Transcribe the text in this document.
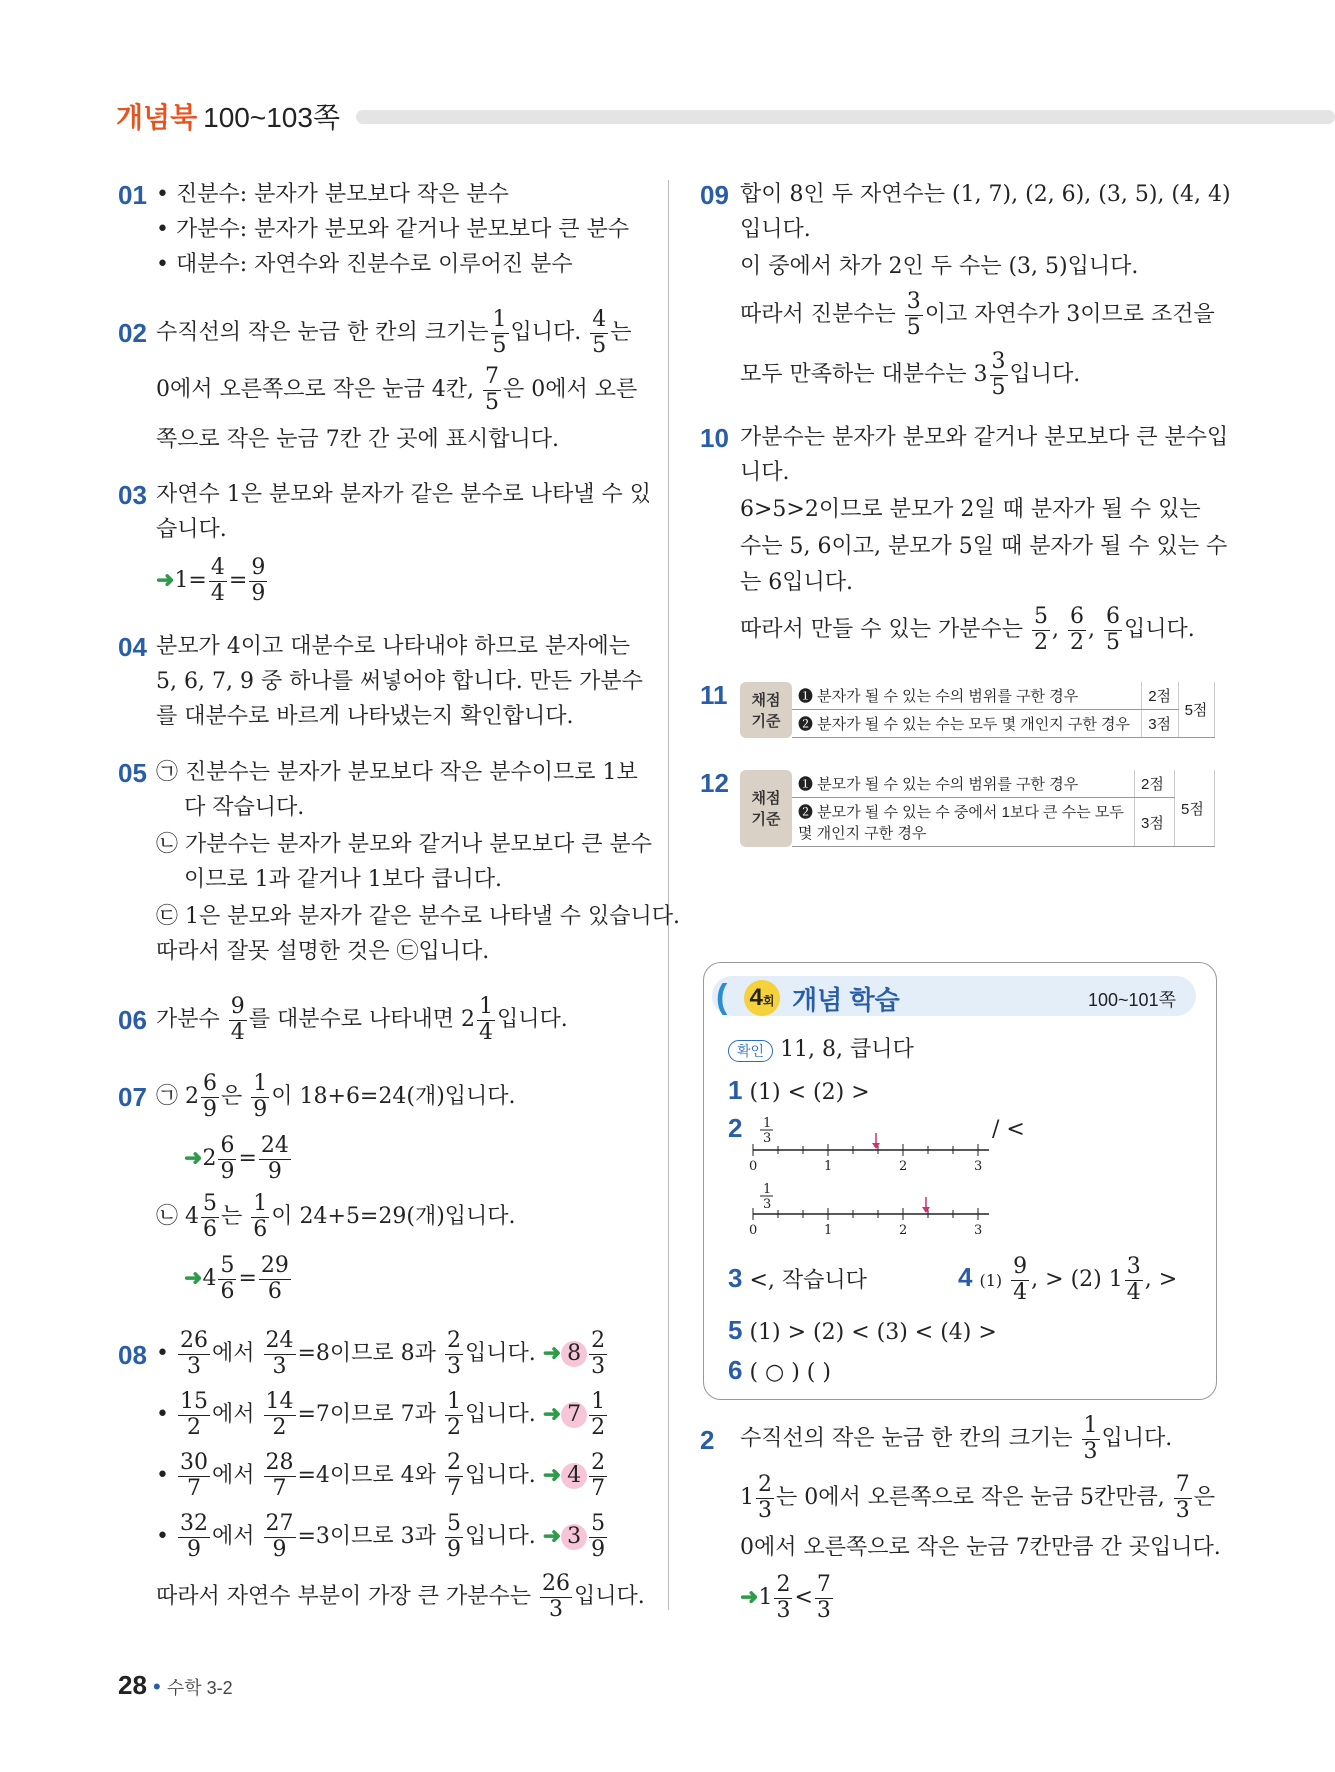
개념북 100~103쪽
01 • 진분수: 분자가 분모보다 작은 분수
• 가분수: 분자가 분모와 같거나 분모보다 큰 분수
• 대분수: 자연수와 진분수로 이루어진 분수
02 수직선의 작은 눈금 한 칸의 크기는 $\frac{1}{5}$ 입니다. $\frac{4}{5}$ 는
0에서 오른쪽으로 작은 눈금 4칸, $\frac{7}{5}$ 은 0에서 오른
쪽으로 작은 눈금 7칸 간 곳에 표시합니다.
03 자연수 1은 분모와 분자가 같은 분수로 나타낼 수 있
습니다.
➜1= $\frac{4}{4} = \frac{9}{9}$
04 분모가 4이고 대분수로 나타내야 하므로 분자에는
5, 6, 7, 9 중 하나를 써넣어야 합니다. 만든 가분수
를 대분수로 바르게 나타냈는지 확인합니다.
05 ㉠ 진분수는 분자가 분모보다 작은 분수이므로 1보
다 작습니다.
㉡ 가분수는 분자가 분모와 같거나 분모보다 큰 분수
이므로 1과 같거나 1보다 큽니다.
㉢ 1은 분모와 분자가 같은 분수로 나타낼 수 있습니다.
따라서 잘못 설명한 것은 ㉢입니다.
06 가분수 $\frac{9}{4}$ 를 대분수로 나타내면 $2 \frac{1}{4}$ 입니다.
07 ㉠ $2 \frac{6}{9}$ 은 $\frac{1}{9}$ 이 18+6=24(개)입니다.
➜2 $\frac{6}{9} = \frac{24}{9}$
㉡ $4 \frac{5}{6}$ 는 $\frac{1}{6}$ 이 24+5=29(개)입니다.
➜4 $\frac{5}{6} = \frac{29}{6}$
08 • $\frac{26}{3}$ 에서 $\frac{24}{3} =8$이므로 8과 $\frac{2}{3}$ 입니다. ➜ $8 \frac{2}{3}$
• $\frac{15}{2}$ 에서 $\frac{14}{2} =7$이므로 7과 $\frac{1}{2}$ 입니다. ➜ $7 \frac{1}{2}$
• $\frac{30}{7}$ 에서 $\frac{28}{7} =4$이므로 4와 $\frac{2}{7}$ 입니다. ➜ $4 \frac{2}{7}$
• $\frac{32}{9}$ 에서 $\frac{27}{9} =3$이므로 3과 $\frac{5}{9}$ 입니다. ➜ $3 \frac{5}{9}$
따라서 자연수 부분이 가장 큰 가분수는 $\frac{26}{3}$ 입니다.
09 합이 8인 두 자연수는 (1, 7), (2, 6), (3, 5), (4, 4)
입니다.
이 중에서 차가 2인 두 수는 (3, 5)입니다.
따라서 진분수는 $\frac{3}{5}$ 이고 자연수가 3이므로 조건을
모두 만족하는 대분수는 $3 \frac{3}{5}$ 입니다.
10 가분수는 분자가 분모와 같거나 분모보다 큰 분수입
니다.
6>5>2이므로 분모가 2일 때 분자가 될 수 있는
수는 5, 6이고, 분모가 5일 때 분자가 될 수 있는 수
는 6입니다.
따라서 만들 수 있는 가분수는 $\frac{5}{2}$ , $\frac{6}{2}$ , $\frac{6}{5}$ 입니다.
11 채점 기준	❶ 분자가 될 수 있는 수의 범위를 구한 경우	2점	5점
	❷ 분자가 될 수 있는 수는 모두 몇 개인지 구한 경우	3점	
12
채점 기준	❶ 분모가 될 수 있는 수의 범위를 구한 경우	2점	5점
	❷ 분모가 될 수 있는 수 중에서 1보다 큰 수는 모두 몇 개인지 구한 경우	3점	
( 4회 개념 학습	100~101쪽
확인 11, 8, 큽니다
1 (1) < (2) >
2	/ <
1
3
0	1	2	3
1
3
0	1	2	3
3 <, 작습니다	4 $(1) \frac{9}{4}$ , > (2) $1 \frac{3}{4}$ , >
5 (1) > (2) < (3) < (4) >
6 ( ○ ) ( )
2 수직선의 작은 눈금 한 칸의 크기는 $\frac{1}{3}$ 입니다.
$1 \frac{2}{3}$ 는 0에서 오른쪽으로 작은 눈금 5칸만큼, $\frac{7}{3}$ 은
0에서 오른쪽으로 작은 눈금 7칸만큼 간 곳입니다.
➜1 $\frac{2}{3} < \frac{7}{3}$
28 • 수학 3-2
